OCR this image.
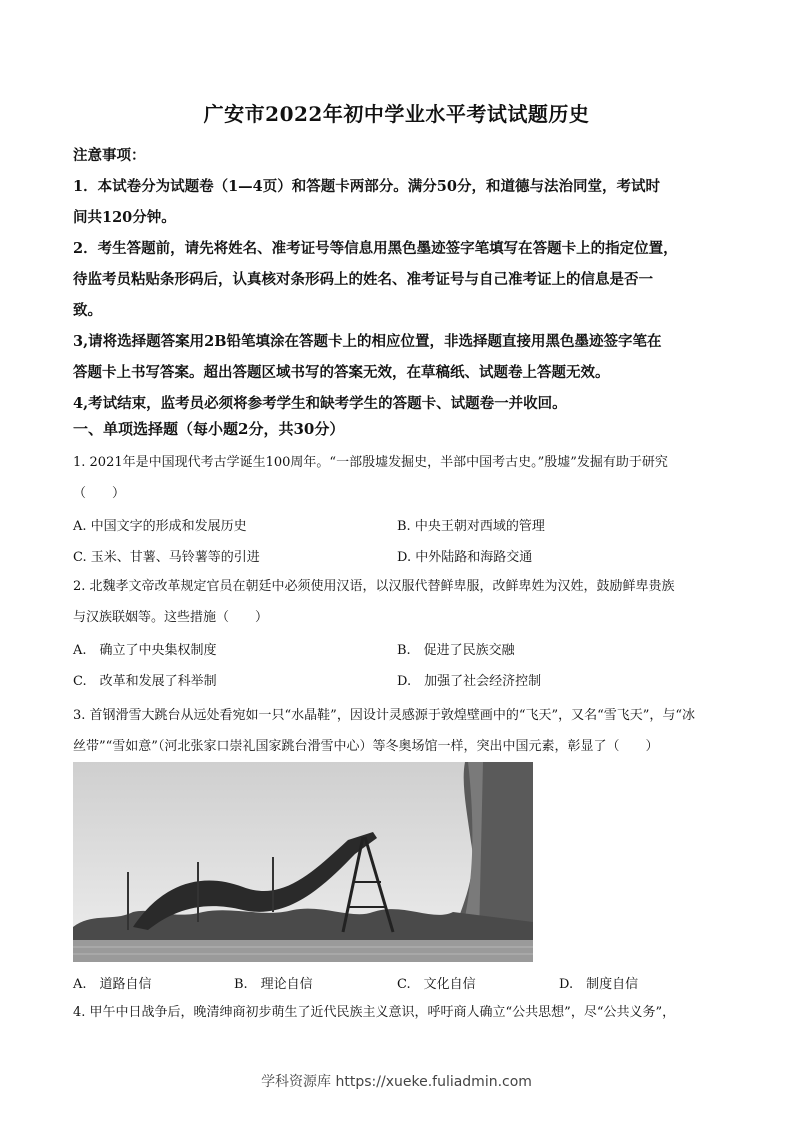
广安市2022年初中学业水平考试试题历史

注意事项：

1．本试卷分为试题卷（1—4页）和答题卡两部分。满分50分，和道德与法治同堂，考试时

间共120分钟。

2．考生答题前，请先将姓名、准考证号等信息用黑色墨迹签字笔填写在答题卡上的指定位置，

待监考员粘贴条形码后，认真核对条形码上的姓名、准考证号与自己准考证上的信息是否一

致。

3,请将选择题答案用2B铅笔填涂在答题卡上的相应位置，非选择题直接用黑色墨迹签字笔在

答题卡上书写答案。超出答题区域书写的答案无效，在草稿纸、试题卷上答题无效。

4,考试结束，监考员必须将参考学生和缺考学生的答题卡、试题卷一并收回。

一、单项选择题（每小题2分，共30分）

1. 2021年是中国现代考古学诞生100周年。“一部殷墟发掘史，半部中国考古史。”殷墟”发掘有助于研究

（　　）

A. 中国文字的形成和发展历史	B. 中央王朝对西域的管理
C. 玉米、甘薯、马铃薯等的引进	D. 中外陆路和海路交通

2. 北魏孝文帝改革规定官员在朝廷中必须使用汉语，以汉服代替鲜卑服，改鲜卑姓为汉姓，鼓励鲜卑贵族

与汉族联姻等。这些措施（　　）

A.　确立了中央集权制度	B.　促进了民族交融
C.　改革和发展了科举制	D.　加强了社会经济控制

3. 首钢滑雪大跳台从远处看宛如一只“水晶鞋”，因设计灵感源于敦煌壁画中的“飞天”，又名“雪飞天”，与“冰

丝带”“雪如意”（河北张家口崇礼国家跳台滑雪中心）等冬奥场馆一样，突出中国元素，彰显了（　　）

A.　道路自信	B.　理论自信	C.　文化自信	D.　制度自信

4. 甲午中日战争后，晚清绅商初步萌生了近代民族主义意识，呼吁商人确立“公共思想”，尽“公共义务”，

学科资源库 https://xueke.fuliadmin.com
